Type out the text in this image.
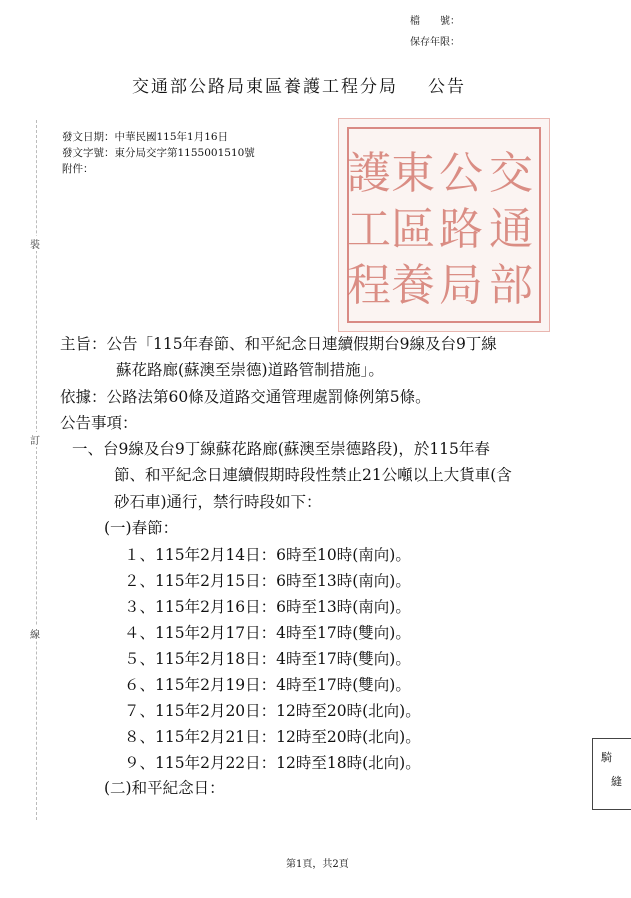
檔　　號：
保存年限：
交通部公路局東區養護工程分局 公告
發文日期：中華民國115年1月16日
發文字號：東分局交字第1155001510號
附件：	交
通
部
公
路
局
東
區
養
護
工
程
裝
訂
線
主旨：公告「115年春節、和平紀念日連續假期台9線及台9丁線
蘇花路廊(蘇澳至崇德)道路管制措施」。
依據：公路法第60條及道路交通管理處罰條例第5條。
公告事項：
一、台9線及台9丁線蘇花路廊(蘇澳至崇德路段)，於115年春
節、和平紀念日連續假期時段性禁止21公噸以上大貨車(含
砂石車)通行，禁行時段如下：
(一)春節：
１、115年2月14日：6時至10時(南向)。
２、115年2月15日：6時至13時(南向)。
３、115年2月16日：6時至13時(南向)。
４、115年2月17日：4時至17時(雙向)。
５、115年2月18日：4時至17時(雙向)。
６、115年2月19日：4時至17時(雙向)。
７、115年2月20日：12時至20時(北向)。
８、115年2月21日：12時至20時(北向)。
９、115年2月22日：12時至18時(北向)。
(二)和平紀念日：
騎
縫
第1頁，共2頁
